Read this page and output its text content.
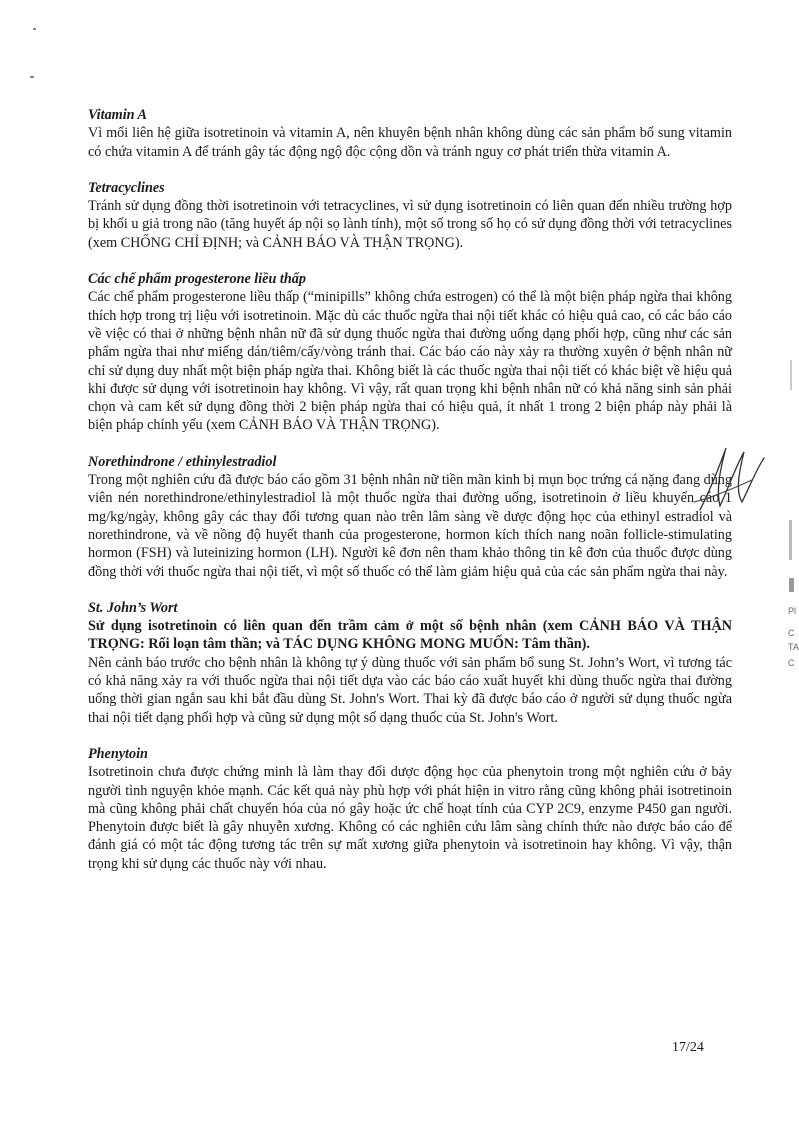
Pl
C
TA
C

Vitamin A

Vì mối liên hệ giữa isotretinoin và vitamin A, nên khuyên bệnh nhân không dùng các sản phẩm bổ sung vitamin có chứa vitamin A để tránh gây tác động ngộ độc cộng dồn và tránh nguy cơ phát triển thừa vitamin A.

Tetracyclines

Tránh sử dụng đồng thời isotretinoin với tetracyclines, vì sử dụng isotretinoin có liên quan đến nhiều trường hợp bị khối u giả trong não (tăng huyết áp nội sọ lành tính), một số trong số họ có sử dụng đồng thời với tetracyclines (xem CHỐNG CHỈ ĐỊNH; và CẢNH BÁO VÀ THẬN TRỌNG).

Các chế phẩm progesterone liều thấp

Các chế phẩm progesterone liều thấp (“minipills” không chứa estrogen) có thể là một biện pháp ngừa thai không thích hợp trong trị liệu với isotretinoin. Mặc dù các thuốc ngừa thai nội tiết khác có hiệu quả cao, có các báo cáo về việc có thai ở những bệnh nhân nữ đã sử dụng thuốc ngừa thai đường uống dạng phối hợp, cũng như các sản phẩm ngừa thai như miếng dán/tiêm/cấy/vòng tránh thai. Các báo cáo này xảy ra thường xuyên ở bệnh nhân nữ chỉ sử dụng duy nhất một biện pháp ngừa thai. Không biết là các thuốc ngừa thai nội tiết có khác biệt về hiệu quả khi được sử dụng với isotretinoin hay không. Vì vậy, rất quan trọng khi bệnh nhân nữ có khả năng sinh sản phải chọn và cam kết sử dụng đồng thời 2 biện pháp ngừa thai có hiệu quả, ít nhất 1 trong 2 biện pháp này phải là biện pháp chính yếu (xem CẢNH BÁO VÀ THẬN TRỌNG).

Norethindrone / ethinylestradiol

Trong một nghiên cứu đã được báo cáo gồm 31 bệnh nhân nữ tiền mãn kinh bị mụn bọc trứng cá nặng đang dùng viên nén norethindrone/ethinylestradiol là một thuốc ngừa thai đường uống, isotretinoin ở liều khuyến cáo 1 mg/kg/ngày, không gây các thay đổi tương quan nào trên lâm sàng về dược động học của ethinyl estradiol và norethindrone, và về nồng độ huyết thanh của progesterone, hormon kích thích nang noãn follicle-stimulating hormon (FSH) và luteinizing hormon (LH). Người kê đơn nên tham khảo thông tin kê đơn của thuốc được dùng đồng thời với thuốc ngừa thai nội tiết, vì một số thuốc có thể làm giảm hiệu quả của các sản phẩm ngừa thai này.

St. John’s Wort

Sử dụng isotretinoin có liên quan đến trầm cảm ở một số bệnh nhân (xem CẢNH BÁO VÀ THẬN TRỌNG: Rối loạn tâm thần; và TÁC DỤNG KHÔNG MONG MUỐN: Tâm thần).

Nên cảnh báo trước cho bệnh nhân là không tự ý dùng thuốc với sản phẩm bổ sung St. John’s Wort, vì tương tác có khả năng xảy ra với thuốc ngừa thai nội tiết dựa vào các báo cáo xuất huyết khi dùng thuốc ngừa thai đường uống thời gian ngắn sau khi bắt đầu dùng St. John's Wort. Thai kỳ đã được báo cáo ở người sử dụng thuốc ngừa thai nội tiết dạng phối hợp và cũng sử dụng một số dạng thuốc của St. John's Wort.

Phenytoin

Isotretinoin chưa được chứng minh là làm thay đổi dược động học của phenytoin trong một nghiên cứu ở bảy người tình nguyện khỏe mạnh. Các kết quả này phù hợp với phát hiện in vitro rằng cũng không phải isotretinoin mà cũng không phải chất chuyển hóa của nó gây hoặc ức chế hoạt tính của CYP 2C9, enzyme P450 gan người. Phenytoin được biết là gây nhuyễn xương. Không có các nghiên cứu lâm sàng chính thức nào được báo cáo để đánh giá có một tác động tương tác trên sự mất xương giữa phenytoin và isotretinoin hay không. Vì vậy, thận trọng khi sử dụng các thuốc này với nhau.

17/24
